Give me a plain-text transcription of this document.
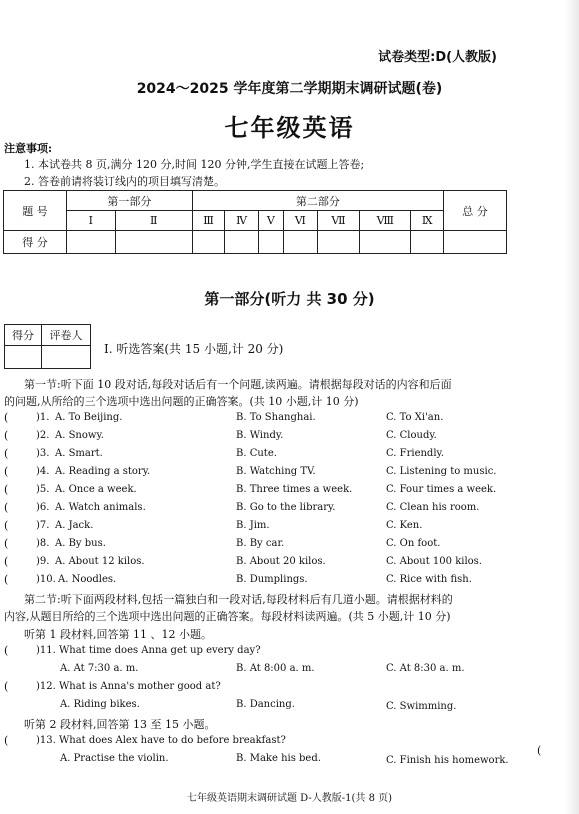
试卷类型:D(人教版)
2024～2025 学年度第二学期期末调研试题(卷)
七年级英语
注意事项:
1. 本试卷共 8 页,满分 120 分,时间 120 分钟,学生直接在试题上答卷;
2. 答卷前请将装订线内的项目填写清楚。
题 号	第一部分		第二部分							总 分
	Ⅰ	Ⅱ	Ⅲ	Ⅳ	Ⅴ	Ⅵ	Ⅶ	Ⅷ	Ⅸ	
得 分										
第一部分(听力 共 30 分)
得分	评卷人

Ⅰ. 听选答案(共 15 小题,计 20 分)
第一节:听下面 10 段对话,每段对话后有一个问题,读两遍。请根据每段对话的内容和后面
的问题,从所给的三个选项中选出问题的正确答案。(共 10 小题,计 10 分)
(	)1. A. To Beijing.	B. To Shanghai.	C. To Xi'an.
(	)2. A. Snowy.	B. Windy.	C. Cloudy.
(	)3. A. Smart.	B. Cute.	C. Friendly.
(	)4. A. Reading a story.	B. Watching TV.	C. Listening to music.
(	)5. A. Once a week.	B. Three times a week.	C. Four times a week.
(	)6. A. Watch animals.	B. Go to the library.	C. Clean his room.
(	)7. A. Jack.	B. Jim.	C. Ken.
(	)8. A. By bus.	B. By car.	C. On foot.
(	)9. A. About 12 kilos.	B. About 20 kilos.	C. About 100 kilos.
(	)10. A. Noodles.	B. Dumplings.	C. Rice with fish.
第二节:听下面两段材料,包括一篇独白和一段对话,每段材料后有几道小题。请根据材料的
内容,从题目所给的三个选项中选出问题的正确答案。每段材料读两遍。(共 5 小题,计 10 分)
听第 1 段材料,回答第 11 、12 小题。
(	)11. What time does Anna get up every day?
A. At 7:30 a. m.	B. At 8:00 a. m.	C. At 8:30 a. m.
(	)12. What is Anna's mother good at?
A. Riding bikes.	B. Dancing.	C. Swimming.
听第 2 段材料,回答第 13 至 15 小题。
(	)13. What does Alex have to do before breakfast?
A. Practise the violin.	B. Make his bed.	C. Finish his homework.
(
七年级英语期末调研试题 D-人教版-1(共 8 页)
